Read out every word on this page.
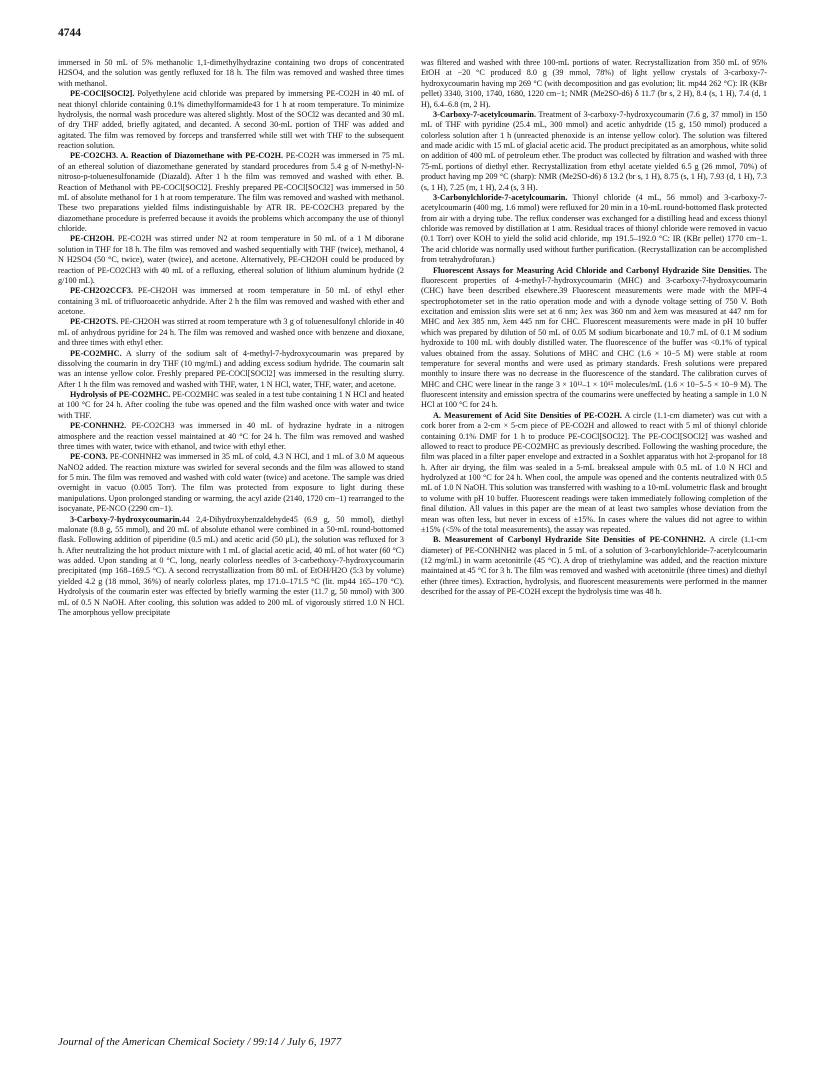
4744

immersed in 50 mL of 5% methanolic 1,1-dimethylhydrazine containing two drops of concentrated H2SO4, and the solution was gently refluxed for 18 h. The film was removed and washed three times with methanol.

PE-COCl[SOCl2]. Polyethylene acid chloride was prepared by immersing PE-CO2H in 40 mL of neat thionyl chloride containing 0.1% dimethylformamide43 for 1 h at room temperature. To minimize hydrolysis, the normal wash procedure was altered slightly. Most of the SOCl2 was decanted and 30 mL of dry THF added, briefly agitated, and decanted. A second 30-mL portion of THF was added and agitated. The film was removed by forceps and transferred while still wet with THF to the subsequent reaction solution.

PE-CO2CH3. A. Reaction of Diazomethane with PE-CO2H. PE-CO2H was immersed in 75 mL of an ethereal solution of diazomethane generated by standard procedures from 5.4 g of N-methyl-N-nitroso-p-toluenesulfonamide (Diazald). After 1 h the film was removed and washed with ether. B. Reaction of Methanol with PE-COCl[SOCl2]. Freshly prepared PE-COCl[SOCl2] was immersed in 50 mL of absolute methanol for 1 h at room temperature. The film was removed and washed with methanol. These two preparations yielded films indistinguishable by ATR IR. PE-CO2CH3 prepared by the diazomethane procedure is preferred because it avoids the problems which accompany the use of thionyl chloride.

PE-CH2OH. PE-CO2H was stirred under N2 at room temperature in 50 mL of a 1 M diborane solution in THF for 18 h. The film was removed and washed sequentially with THF (twice), methanol, 4 N H2SO4 (50 °C, twice), water (twice), and acetone. Alternatively, PE-CH2OH could be produced by reaction of PE-CO2CH3 with 40 mL of a refluxing, ethereal solution of lithium aluminum hydride (2 g/100 mL).

PE-CH2O2CCF3. PE-CH2OH was immersed at room temperature in 50 mL of ethyl ether containing 3 mL of trifluoroacetic anhydride. After 2 h the film was removed and washed with ether and acetone.

PE-CH2OTS. PE-CH2OH was stirred at room temperature wth 3 g of toluenesulfonyl chloride in 40 mL of anhydrous pyridine for 24 h. The film was removed and washed once with benzene and dioxane, and three times with ethyl ether.

PE-CO2MHC. A slurry of the sodium salt of 4-methyl-7-hydroxycoumarin was prepared by dissolving the coumarin in dry THF (10 mg/mL) and adding excess sodium hydride. The coumarin salt was an intense yellow color. Freshly prepared PE-COCl[SOCl2] was immersed in the resulting slurry. After 1 h the film was removed and washed with THF, water, 1 N HCl, water, THF, water, and acetone.

Hydrolysis of PE-CO2MHC. PE-CO2MHC was sealed in a test tube containing 1 N HCl and heated at 100 °C for 24 h. After cooling the tube was opened and the film washed once with water and twice with THF.

PE-CONHNH2. PE-CO2CH3 was immersed in 40 mL of hydrazine hydrate in a nitrogen atmosphere and the reaction vessel maintained at 40 °C for 24 h. The film was removed and washed three times with water, twice with ethanol, and twice with ethyl ether.

PE-CON3. PE-CONHNH2 was immersed in 35 mL of cold, 4.3 N HCl, and 1 mL of 3.0 M aqueous NaNO2 added. The reaction mixture was swirled for several seconds and the film was allowed to stand for 5 min. The film was removed and washed with cold water (twice) and acetone. The sample was dried overnight in vacuo (0.005 Torr). The film was protected from exposure to light during these manipulations. Upon prolonged standing or warming, the acyl azide (2140, 1720 cm−1) rearranged to the isocyanate, PE-NCO (2290 cm−1).

3-Carboxy-7-hydroxycoumarin.44 2,4-Dihydroxybenzaldehyde45 (6.9 g, 50 mmol), diethyl malonate (8.8 g, 55 mmol), and 20 mL of absolute ethanol were combined in a 50-mL round-bottomed flask. Following addition of piperidine (0.5 mL) and acetic acid (50 μL), the solution was refluxed for 3 h. After neutralizing the hot product mixture with 1 mL of glacial acetic acid, 40 mL of hot water (60 °C) was added. Upon standing at 0 °C, long, nearly colorless needles of 3-carbethoxy-7-hydroxycoumarin precipitated (mp 168–169.5 °C). A second recrystallization from 80 mL of EtOH/H2O (5:3 by volume) yielded 4.2 g (18 mmol, 36%) of nearly colorless plates, mp 171.0–171.5 °C (lit. mp44 165–170 °C). Hydrolysis of the coumarin ester was effected by briefly warming the ester (11.7 g, 50 mmol) with 300 mL of 0.5 N NaOH. After cooling, this solution was added to 200 mL of vigorously stirred 1.0 N HCl. The amorphous yellow precipitate

was filtered and washed with three 100-mL portions of water. Recrystallization from 350 mL of 95% EtOH at −20 °C produced 8.0 g (39 mmol, 78%) of light yellow crystals of 3-carboxy-7-hydroxycoumarin having mp 269 °C (with decomposition and gas evolution; lit. mp44 262 °C): IR (KBr pellet) 3340, 3100, 1740, 1680, 1220 cm−1; NMR (Me2SO-d6) δ 11.7 (br s, 2 H), 8.4 (s, 1 H), 7.4 (d, 1 H), 6.4–6.8 (m, 2 H).

3-Carboxy-7-acetylcoumarin. Treatment of 3-carboxy-7-hydroxycoumarin (7.6 g, 37 mmol) in 150 mL of THF with pyridine (25.4 mL, 300 mmol) and acetic anhydride (15 g, 150 mmol) produced a colorless solution after 1 h (unreacted phenoxide is an intense yellow color). The solution was filtered and made acidic with 15 mL of glacial acetic acid. The product precipitated as an amorphous, white solid on addition of 400 mL of petroleum ether. The product was collected by filtration and washed with three 75-mL portions of diethyl ether. Recrystallization from ethyl acetate yielded 6.5 g (26 mmol, 70%) of product having mp 209 °C (sharp): NMR (Me2SO-d6) δ 13.2 (br s, 1 H), 8.75 (s, 1 H), 7.93 (d, 1 H), 7.3 (s, 1 H), 7.25 (m, 1 H), 2.4 (s, 3 H).

3-Carbonylchloride-7-acetylcoumarin. Thionyl chloride (4 mL, 56 mmol) and 3-carboxy-7-acetylcoumarin (400 mg, 1.6 mmol) were refluxed for 20 min in a 10-mL round-bottomed flask protected from air with a drying tube. The reflux condenser was exchanged for a distilling head and excess thionyl chloride was removed by distillation at 1 atm. Residual traces of thionyl chloride were removed in vacuo (0.1 Torr) over KOH to yield the solid acid chloride, mp 191.5–192.0 °C: IR (KBr pellet) 1770 cm−1. The acid chloride was normally used without further purification. (Recrystallization can be accomplished from tetrahydrofuran.)

Fluorescent Assays for Measuring Acid Chloride and Carbonyl Hydrazide Site Densities. The fluorescent properties of 4-methyl-7-hydroxycoumarin (MHC) and 3-carboxy-7-hydroxycoumarin (CHC) have been described elsewhere.39 Fluorescent measurements were made with the MPF-4 spectrophotometer set in the ratio operation mode and with a dynode voltage setting of 750 V. Both excitation and emission slits were set at 6 nm; λex was 360 nm and λem was measured at 447 nm for MHC and λex 385 nm, λem 445 nm for CHC. Fluorescent measurements were made in pH 10 buffer which was prepared by dilution of 50 mL of 0.05 M sodium bicarbonate and 10.7 mL of 0.1 M sodium hydroxide to 100 mL with doubly distilled water. The fluorescence of the buffer was <0.1% of typical values obtained from the assay. Solutions of MHC and CHC (1.6 × 10−5 M) were stable at room temperature for several months and were used as primary standards. Fresh solutions were prepared monthly to insure there was no decrease in the fluorescence of the standard. The calibration curves of MHC and CHC were linear in the range 3 × 10¹²–1 × 10¹⁵ molecules/mL (1.6 × 10−5–5 × 10−9 M). The fluorescent intensity and emission spectra of the coumarins were uneffected by heating a sample in 1.0 N HCl at 100 °C for 24 h.

A. Measurement of Acid Site Densities of PE-CO2H. A circle (1.1-cm diameter) was cut with a cork borer from a 2-cm × 5-cm piece of PE-CO2H and allowed to react with 5 ml of thionyl chloride containing 0.1% DMF for 1 h to produce PE-COCl[SOCl2]. The PE-COCl[SOCl2] was washed and allowed to react to produce PE-CO2MHC as previously described. Following the washing procedure, the film was placed in a filter paper envelope and extracted in a Soxhlet apparatus with hot 2-propanol for 18 h. After air drying, the film was sealed in a 5-mL breakseal ampule with 0.5 mL of 1.0 N HCl and hydrolyzed at 100 °C for 24 h. When cool, the ampule was opened and the contents neutralized with 0.5 mL of 1.0 N NaOH. This solution was transferred with washing to a 10-mL volumetric flask and brought to volume with pH 10 buffer. Fluorescent readings were taken immediately following completion of the final dilution. All values in this paper are the mean of at least two samples whose deviation from the mean was often less, but never in excess of ±15%. In cases where the values did not agree to within ±15% (<5% of the total measurements), the assay was repeated.

B. Measurement of Carbonyl Hydrazide Site Densities of PE-CONHNH2. A circle (1.1-cm diameter) of PE-CONHNH2 was placed in 5 mL of a solution of 3-carbonylchloride-7-acetylcoumarin (12 mg/mL) in warm acetonitrile (45 °C). A drop of triethylamine was added, and the reaction mixture maintained at 45 °C for 3 h. The film was removed and washed with acetonitrile (three times) and diethyl ether (three times). Extraction, hydrolysis, and fluorescent measurements were performed in the manner described for the assay of PE-CO2H except the hydrolysis time was 48 h.

Journal of the American Chemical Society / 99:14 / July 6, 1977
